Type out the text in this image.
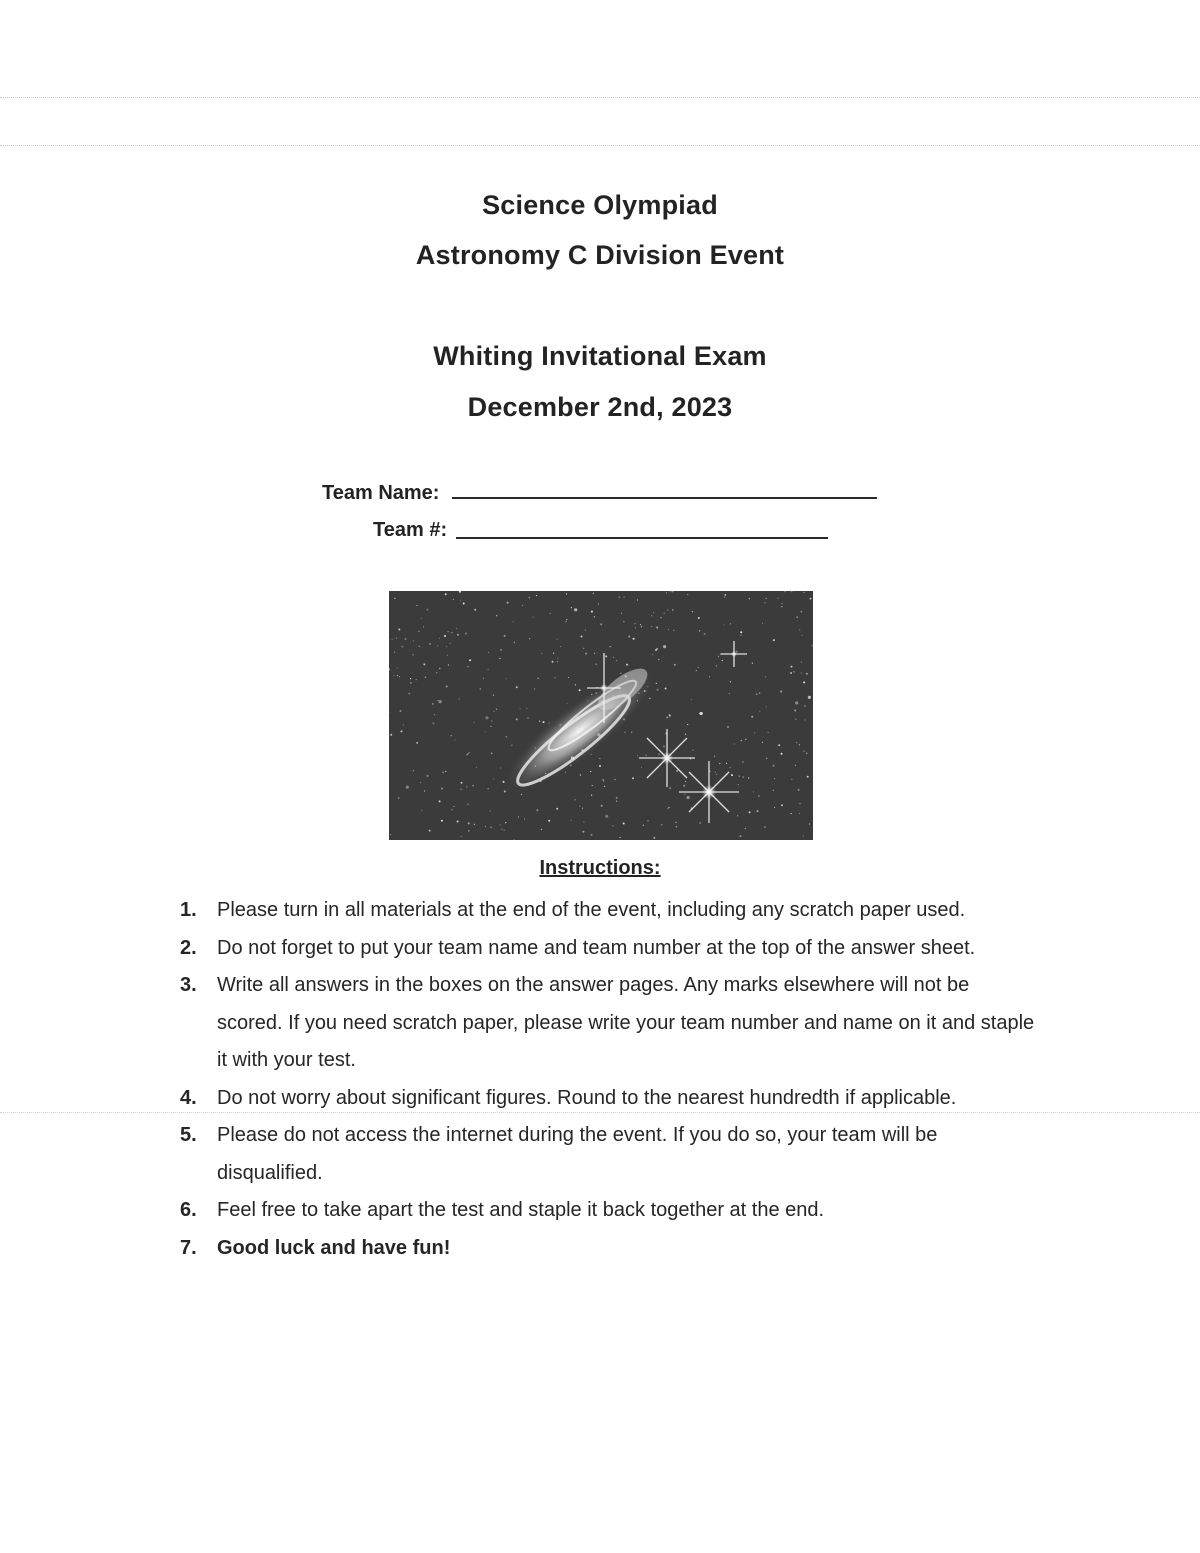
Science Olympiad
Astronomy C Division Event
Whiting Invitational Exam
December 2nd, 2023
Team Name:
Team #:
Instructions:
1. Please turn in all materials at the end of the event, including any scratch paper used.
2. Do not forget to put your team name and team number at the top of the answer sheet.
3. Write all answers in the boxes on the answer pages. Any marks elsewhere will not be scored. If you need scratch paper, please write your team number and name on it and staple it with your test.
4. Do not worry about significant figures. Round to the nearest hundredth if applicable.
5. Please do not access the internet during the event. If you do so, your team will be disqualified.
6. Feel free to take apart the test and staple it back together at the end.
7. Good luck and have fun!
